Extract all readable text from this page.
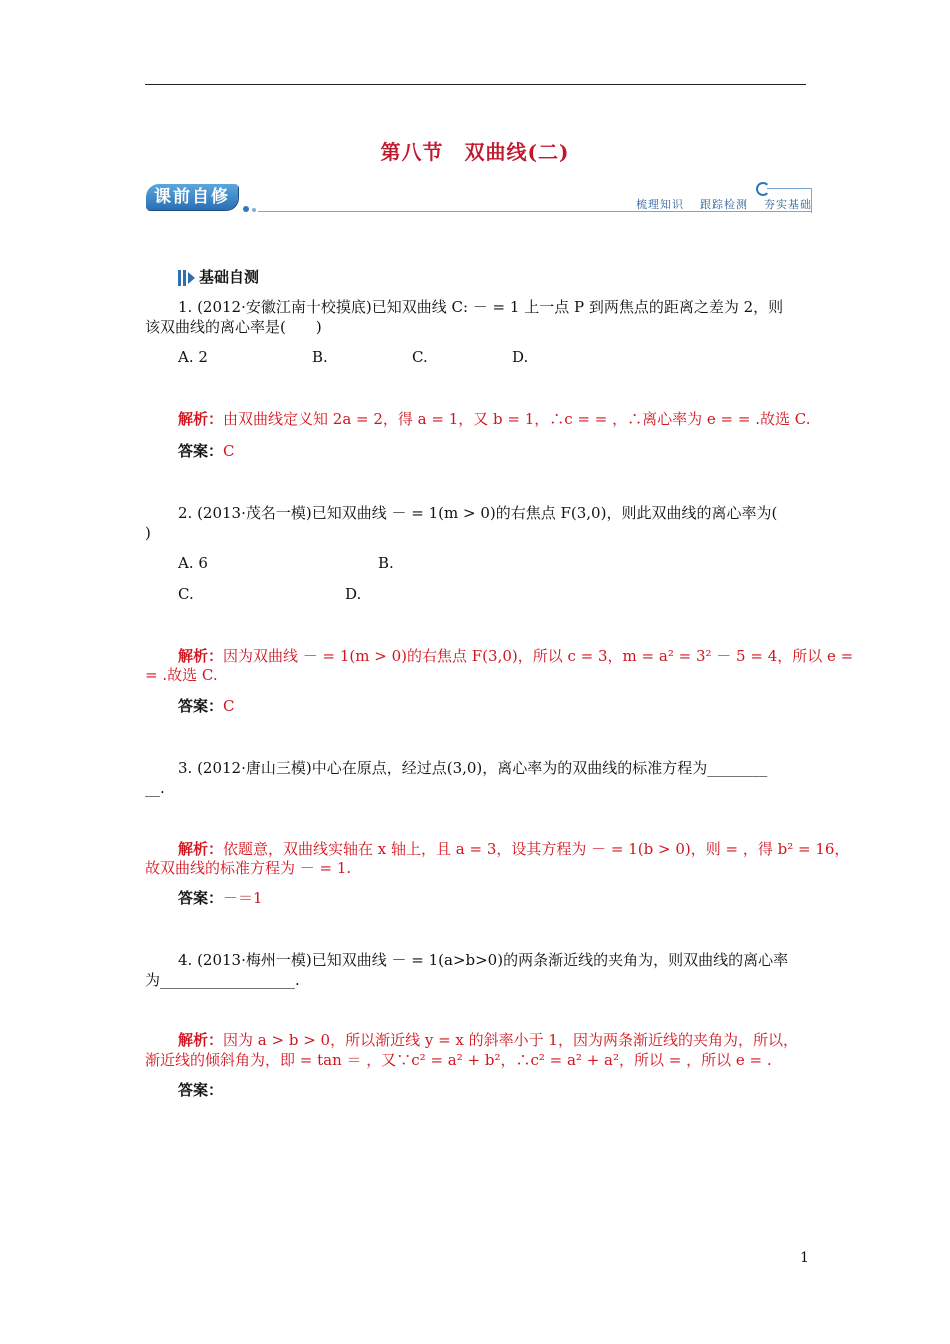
第八节　双曲线(二)
课前自修	梳理知识 跟踪检测 夯实基础
基础自测
1. (2012·安徽江南十校摸底)已知双曲线 C: － = 1 上一点 P 到两焦点的距离之差为 2，则
该双曲线的离心率是(　　)
A. 2	B.	C.	D.
解析：由双曲线定义知 2a = 2，得 a = 1，又 b = 1，∴c = = ，∴离心率为 e = = .故选 C.
答案：C
2. (2013·茂名一模)已知双曲线 － = 1(m > 0)的右焦点 F(3,0)，则此双曲线的离心率为(
)
A. 6	B.
C.	D.
解析：因为双曲线 － = 1(m > 0)的右焦点 F(3,0)，所以 c = 3，m = a² = 3² － 5 = 4，所以 e =
= .故选 C.
答案：C
3. (2012·唐山三模)中心在原点，经过点(3,0)，离心率为的双曲线的标准方程为________
__.
解析：依题意，双曲线实轴在 x 轴上，且 a = 3，设其方程为 － = 1(b > 0)，则 = ，得 b² = 16，
故双曲线的标准方程为 － = 1.
答案：－＝1
4. (2013·梅州一模)已知双曲线 － = 1(a>b>0)的两条渐近线的夹角为，则双曲线的离心率
为__________________.
解析：因为 a > b > 0，所以渐近线 y = x 的斜率小于 1，因为两条渐近线的夹角为，所以，
渐近线的倾斜角为，即 = tan ＝ ，又∵c² = a² + b²，∴c² = a² + a²，所以 = ，所以 e = .
答案：
1
